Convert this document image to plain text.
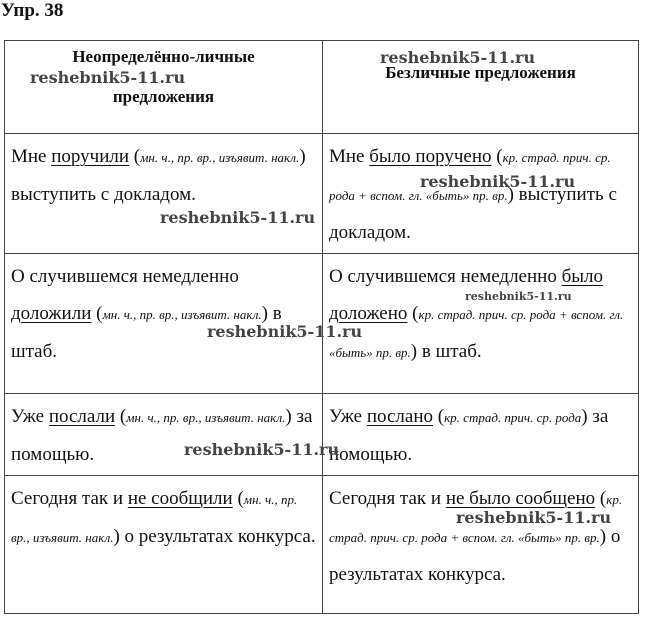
Упр. 38
Неопределённо-личные

предложения	Безличные предложения
Мне поручили (мн. ч., пр. вр., изъявит. накл.) выступить с докладом.	Мне было поручено (кр. страд. прич. ср. рода + вспом. гл. «быть» пр. вр.) выступить с докладом.
О случившемся немедленно доложили (мн. ч., пр. вр., изъявит. накл.) в штаб.	О случившемся немедленно было доложено (кр. страд. прич. ср. рода + вспом. гл. «быть» пр. вр.) в штаб.
Уже послали (мн. ч., пр. вр., изъявит. накл.) за помощью.	Уже послано (кр. страд. прич. ср. рода) за помощью.
Сегодня так и не сообщили (мн. ч., пр. вр., изъявит. накл.) о результатах конкурса.	Сегодня так и не было сообщено (кр. страд. прич. ср. рода + вспом. гл. «быть» пр. вр.) о результатах конкурса.
reshebnik5-11.ru
reshebnik5-11.ru
reshebnik5-11.ru
reshebnik5-11.ru
reshebnik5-11.ru
reshebnik5-11.ru
reshebnik5-11.ru
reshebnik5-11.ru
